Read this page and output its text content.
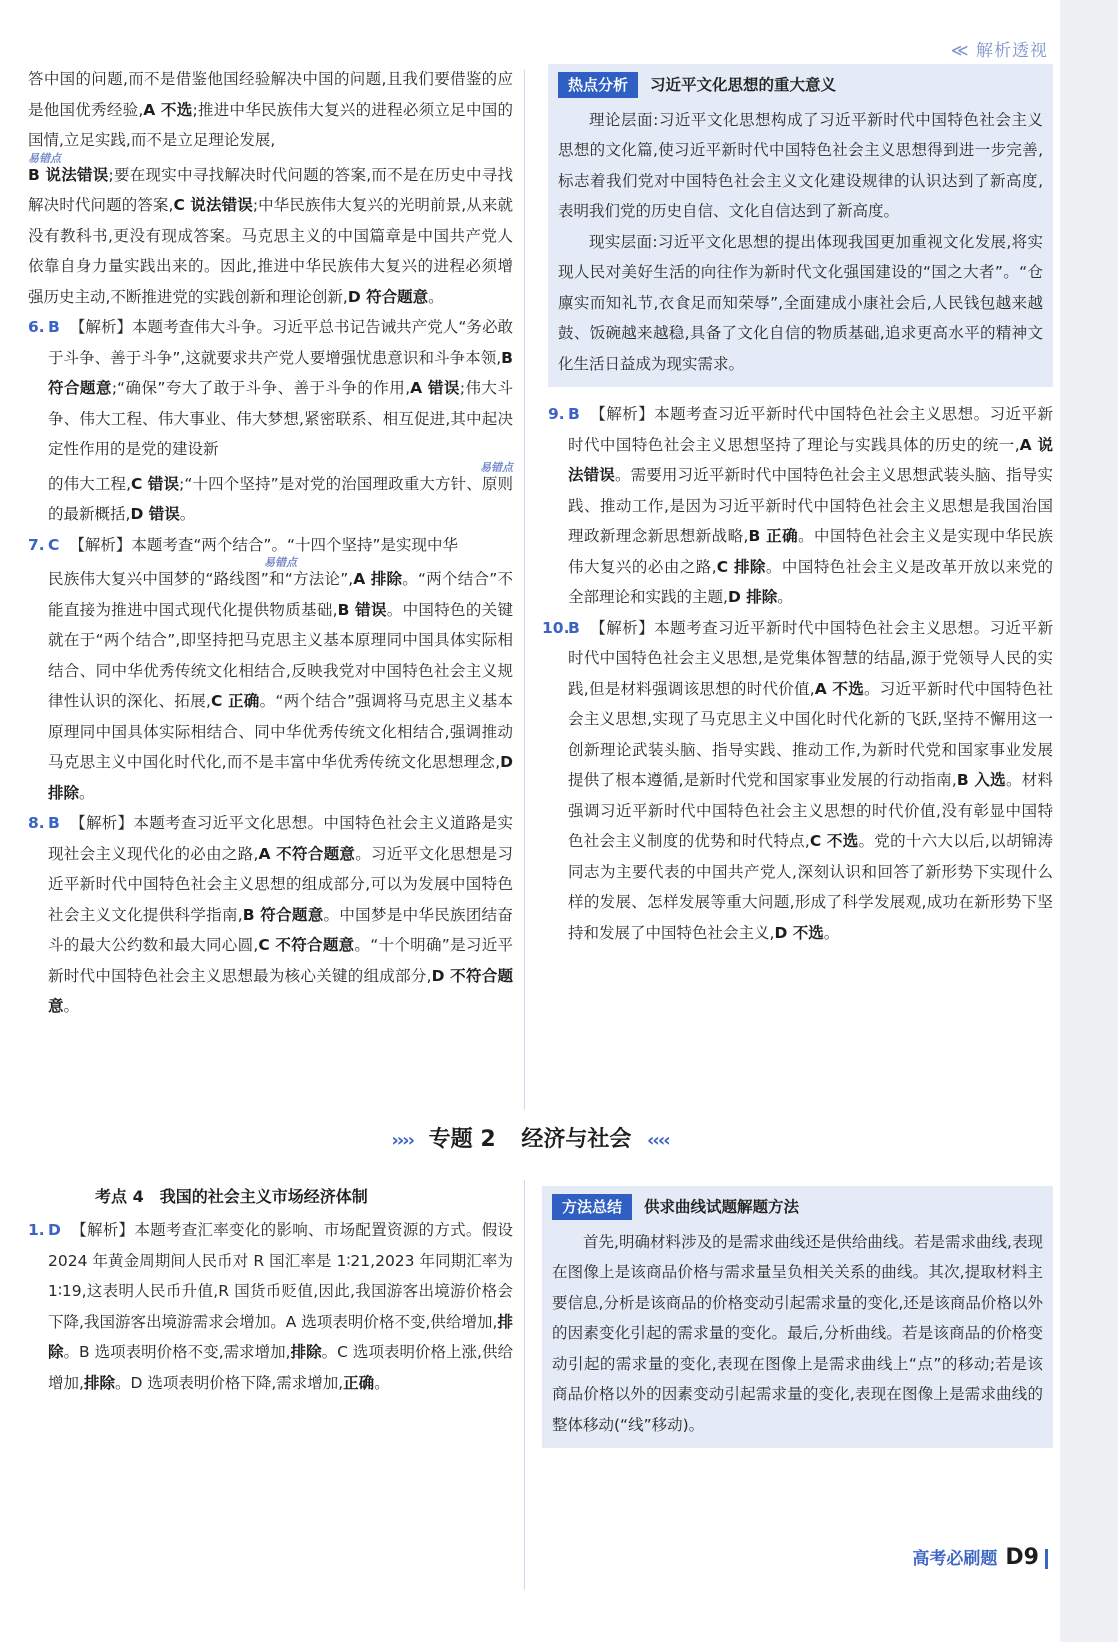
≪ 解析透视

答中国的问题,而不是借鉴他国经验解决中国的问题,且我们要借鉴的应是他国优秀经验,A 不选;推进中华民族伟大复兴的进程必须立足中国的国情,立足实践,而不是立足理论发展,
易错点
B 说法错误;要在现实中寻找解决时代问题的答案,而不是在历史中寻找解决时代问题的答案,C 说法错误;中华民族伟大复兴的光明前景,从来就没有教科书,更没有现成答案。马克思主义的中国篇章是中国共产党人依靠自身力量实践出来的。因此,推进中华民族伟大复兴的进程必须增强历史主动,不断推进党的实践创新和理论创新,D 符合题意。

6. B 【解析】本题考查伟大斗争。习近平总书记告诫共产党人“务必敢于斗争、善于斗争”,这就要求共产党人要增强忧患意识和斗争本领,B 符合题意;“确保”夸大了敢于斗争、善于斗争的作用,A 错误;伟大斗争、伟大工程、伟大事业、伟大梦想,紧密联系、相互促进,其中起决定性作用的是党的建设新
易错点
的伟大工程,C 错误;“十四个坚持”是对党的治国理政重大方针、原则的最新概括,D 错误。

7. C 【解析】本题考查“两个结合”。“十四个坚持”是实现中华
易错点
民族伟大复兴中国梦的“路线图”和“方法论”,A 排除。“两个结合”不能直接为推进中国式现代化提供物质基础,B 错误。中国特色的关键就在于“两个结合”,即坚持把马克思主义基本原理同中国具体实际相结合、同中华优秀传统文化相结合,反映我党对中国特色社会主义规律性认识的深化、拓展,C 正确。“两个结合”强调将马克思主义基本原理同中国具体实际相结合、同中华优秀传统文化相结合,强调推动马克思主义中国化时代化,而不是丰富中华优秀传统文化思想理念,D 排除。

8. B 【解析】本题考查习近平文化思想。中国特色社会主义道路是实现社会主义现代化的必由之路,A 不符合题意。习近平文化思想是习近平新时代中国特色社会主义思想的组成部分,可以为发展中国特色社会主义文化提供科学指南,B 符合题意。中国梦是中华民族团结奋斗的最大公约数和最大同心圆,C 不符合题意。“十个明确”是习近平新时代中国特色社会主义思想最为核心关键的组成部分,D 不符合题意。

热点分析	习近平文化思想的重大意义

理论层面:习近平文化思想构成了习近平新时代中国特色社会主义思想的文化篇,使习近平新时代中国特色社会主义思想得到进一步完善,标志着我们党对中国特色社会主义文化建设规律的认识达到了新高度,表明我们党的历史自信、文化自信达到了新高度。

现实层面:习近平文化思想的提出体现我国更加重视文化发展,将实现人民对美好生活的向往作为新时代文化强国建设的“国之大者”。“仓廪实而知礼节,衣食足而知荣辱”,全面建成小康社会后,人民钱包越来越鼓、饭碗越来越稳,具备了文化自信的物质基础,追求更高水平的精神文化生活日益成为现实需求。

9. B 【解析】本题考查习近平新时代中国特色社会主义思想。习近平新时代中国特色社会主义思想坚持了理论与实践具体的历史的统一,A 说法错误。需要用习近平新时代中国特色社会主义思想武装头脑、指导实践、推动工作,是因为习近平新时代中国特色社会主义思想是我国治国理政新理念新思想新战略,B 正确。中国特色社会主义是实现中华民族伟大复兴的必由之路,C 排除。中国特色社会主义是改革开放以来党的全部理论和实践的主题,D 排除。

10.B 【解析】本题考查习近平新时代中国特色社会主义思想。习近平新时代中国特色社会主义思想,是党集体智慧的结晶,源于党领导人民的实践,但是材料强调该思想的时代价值,A 不选。习近平新时代中国特色社会主义思想,实现了马克思主义中国化时代化新的飞跃,坚持不懈用这一创新理论武装头脑、指导实践、推动工作,为新时代党和国家事业发展提供了根本遵循,是新时代党和国家事业发展的行动指南,B 入选。材料强调习近平新时代中国特色社会主义思想的时代价值,没有彰显中国特色社会主义制度的优势和时代特点,C 不选。党的十六大以后,以胡锦涛同志为主要代表的中国共产党人,深刻认识和回答了新形势下实现什么样的发展、怎样发展等重大问题,形成了科学发展观,成功在新形势下坚持和发展了中国特色社会主义,D 不选。

›››› 专题 2 经济与社会 ‹‹‹‹
考点 4　我国的社会主义市场经济体制

1. D 【解析】本题考查汇率变化的影响、市场配置资源的方式。假设 2024 年黄金周期间人民币对 R 国汇率是 1∶21,2023 年同期汇率为 1∶19,这表明人民币升值,R 国货币贬值,因此,我国游客出境游价格会下降,我国游客出境游需求会增加。A 选项表明价格不变,供给增加,排除。B 选项表明价格不变,需求增加,排除。C 选项表明价格上涨,供给增加,排除。D 选项表明价格下降,需求增加,正确。

方法总结	供求曲线试题解题方法

首先,明确材料涉及的是需求曲线还是供给曲线。若是需求曲线,表现在图像上是该商品价格与需求量呈负相关关系的曲线。其次,提取材料主要信息,分析是该商品的价格变动引起需求量的变化,还是该商品价格以外的因素变化引起的需求量的变化。最后,分析曲线。若是该商品的价格变动引起的需求量的变化,表现在图像上是需求曲线上“点”的移动;若是该商品价格以外的因素变动引起需求量的变化,表现在图像上是需求曲线的整体移动(“线”移动)。

高考必刷题 D9
